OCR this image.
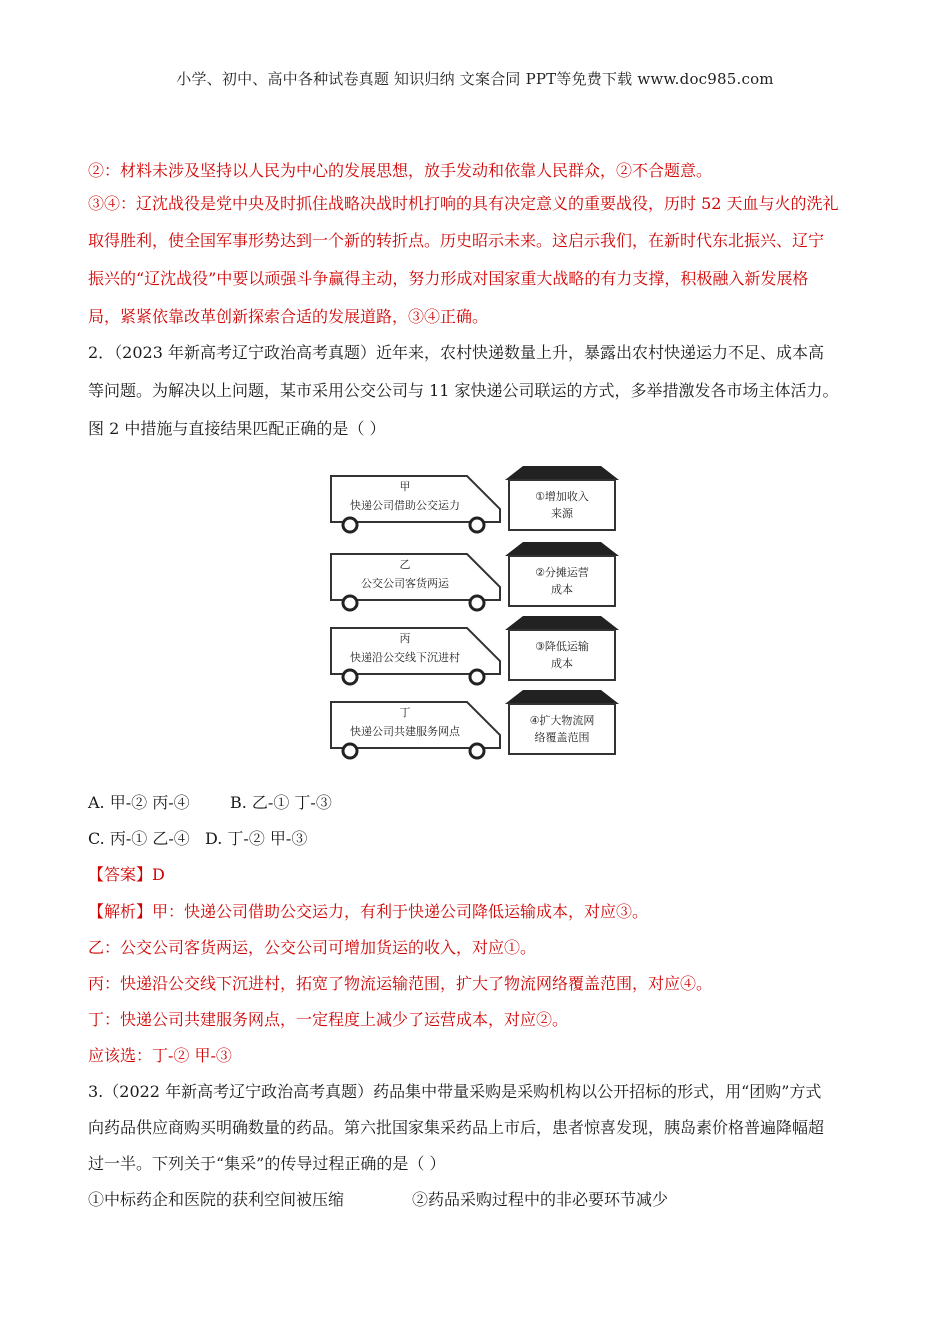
小学、初中、高中各种试卷真题 知识归纳 文案合同 PPT等免费下载 www.doc985.com
②：材料未涉及坚持以人民为中心的发展思想，放手发动和依靠人民群众，②不合题意。
③④：辽沈战役是党中央及时抓住战略决战时机打响的具有决定意义的重要战役，历时 52 天血与火的洗礼
取得胜利，使全国军事形势达到一个新的转折点。历史昭示未来。这启示我们，在新时代东北振兴、辽宁
振兴的“辽沈战役”中要以顽强斗争赢得主动，努力形成对国家重大战略的有力支撑，积极融入新发展格
局，紧紧依靠改革创新探索合适的发展道路，③④正确。
2．（2023 年新高考辽宁政治高考真题）近年来，农村快递数量上升，暴露出农村快递运力不足、成本高
等问题。为解决以上问题，某市采用公交公司与 11 家快递公司联运的方式，多举措激发各市场主体活力。
图 2 中措施与直接结果匹配正确的是（ ）
甲
快递公司借助公交运力
乙
公交公司客货两运
丙
快递沿公交线下沉进村
丁
快递公司共建服务网点
①增加收入
来源
②分摊运营
成本
③降低运输
成本
④扩大物流网
络覆盖范围
A. 甲-② 丙-④	B. 乙-① 丁-③
C. 丙-① 乙-④ D. 丁-② 甲-③
【答案】D
【解析】甲：快递公司借助公交运力，有利于快递公司降低运输成本，对应③。
乙：公交公司客货两运，公交公司可增加货运的收入，对应①。
丙：快递沿公交线下沉进村，拓宽了物流运输范围，扩大了物流网络覆盖范围，对应④。
丁：快递公司共建服务网点，一定程度上减少了运营成本，对应②。
应该选：丁-② 甲-③
3.（2022 年新高考辽宁政治高考真题）药品集中带量采购是采购机构以公开招标的形式，用“团购”方式
向药品供应商购买明确数量的药品。第六批国家集采药品上市后，患者惊喜发现，胰岛素价格普遍降幅超
过一半。下列关于“集采”的传导过程正确的是（ ）
①中标药企和医院的获利空间被压缩	②药品采购过程中的非必要环节减少
